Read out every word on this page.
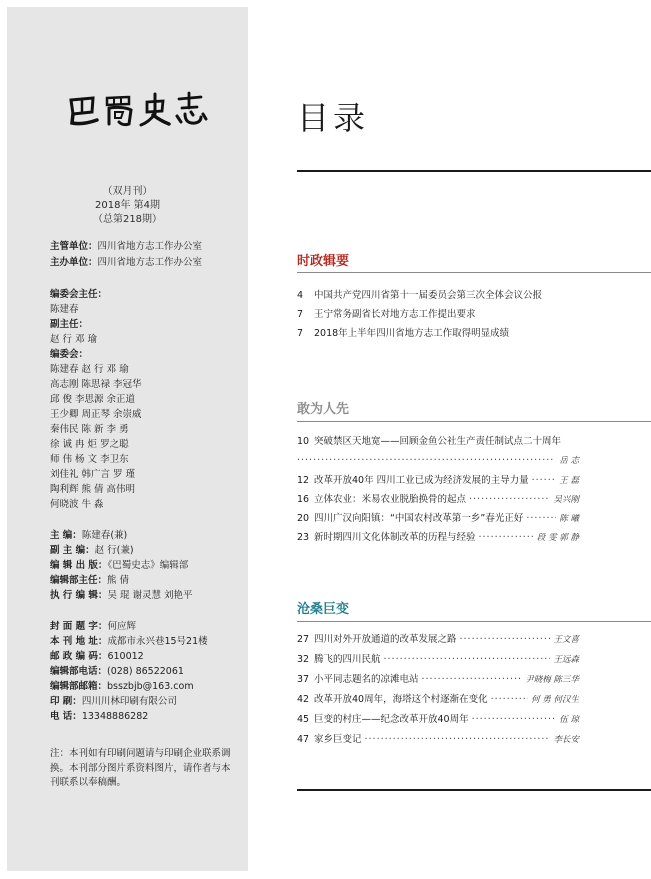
（双月刊）
2018年 第4期
（总第218期）
主管单位：四川省地方志工作办公室
主办单位：四川省地方志工作办公室
编委会主任：
陈建春
副主任：
赵 行 邓 瑜
编委会：
陈建春 赵 行 邓 瑜
高志刚 陈思禄 李冠华
邱 俊 李思源 余正道
王少卿 周正琴 余崇威
秦伟民 陈 新 李 勇
徐 诚 冉 炬 罗之聪
师 伟 杨 文 李卫东
刘佳礼 韩广言 罗 瑾
陶利辉 熊 倩 高伟明
何晓波 牛 淼
主 编：陈建春(兼)
副 主 编：赵 行(兼)
编 辑 出 版：《巴蜀史志》编辑部
编辑部主任：熊 倩
执 行 编 辑：吴 琨 谢灵慧 刘艳平
封 面 题 字：何应辉
本 刊 地 址：成都市永兴巷15号21楼
邮 政 编 码：610012
编辑部电话：(028) 86522061
编辑部邮箱：bsszbjb@163.com
印 刷：四川川林印刷有限公司
电 话：13348886282
注：本刊如有印刷问题请与印刷企业联系调换。本刊部分图片系资料图片，请作者与本刊联系以奉稿酬。
目录
时政辑要
4 中国共产党四川省第十一届委员会第三次全体会议公报
7 王宁常务副省长对地方志工作提出要求
7 2018年上半年四川省地方志工作取得明显成绩
敢为人先
10 突破禁区天地宽——回顾金鱼公社生产责任制试点二十周年
·····
岳 志
12 改革开放40年 四川工业已成为经济发展的主导力量 ·····	王 磊
16 立体农业：米易农业脱胎换骨的起点 ·····	吴兴刚
20 四川广汉向阳镇：“中国农村改革第一乡”春光正好 ·····	陈 曦
23 新时期四川文化体制改革的历程与经验 ·····	段 雯 郭 静
沧桑巨变
27 四川对外开放通道的改革发展之路 ·····	王文喜
32 腾飞的四川民航 ·····	王远森
37 小平同志题名的凉滩电站 ·····	尹晓梅 陈三华
42 改革开放40周年，海塔这个村逐渐在变化 ·····	何 勇 何汉生
45 巨变的村庄——纪念改革开放40周年 ·····	伍 琼
47 家乡巨变记 ·····	李长安
